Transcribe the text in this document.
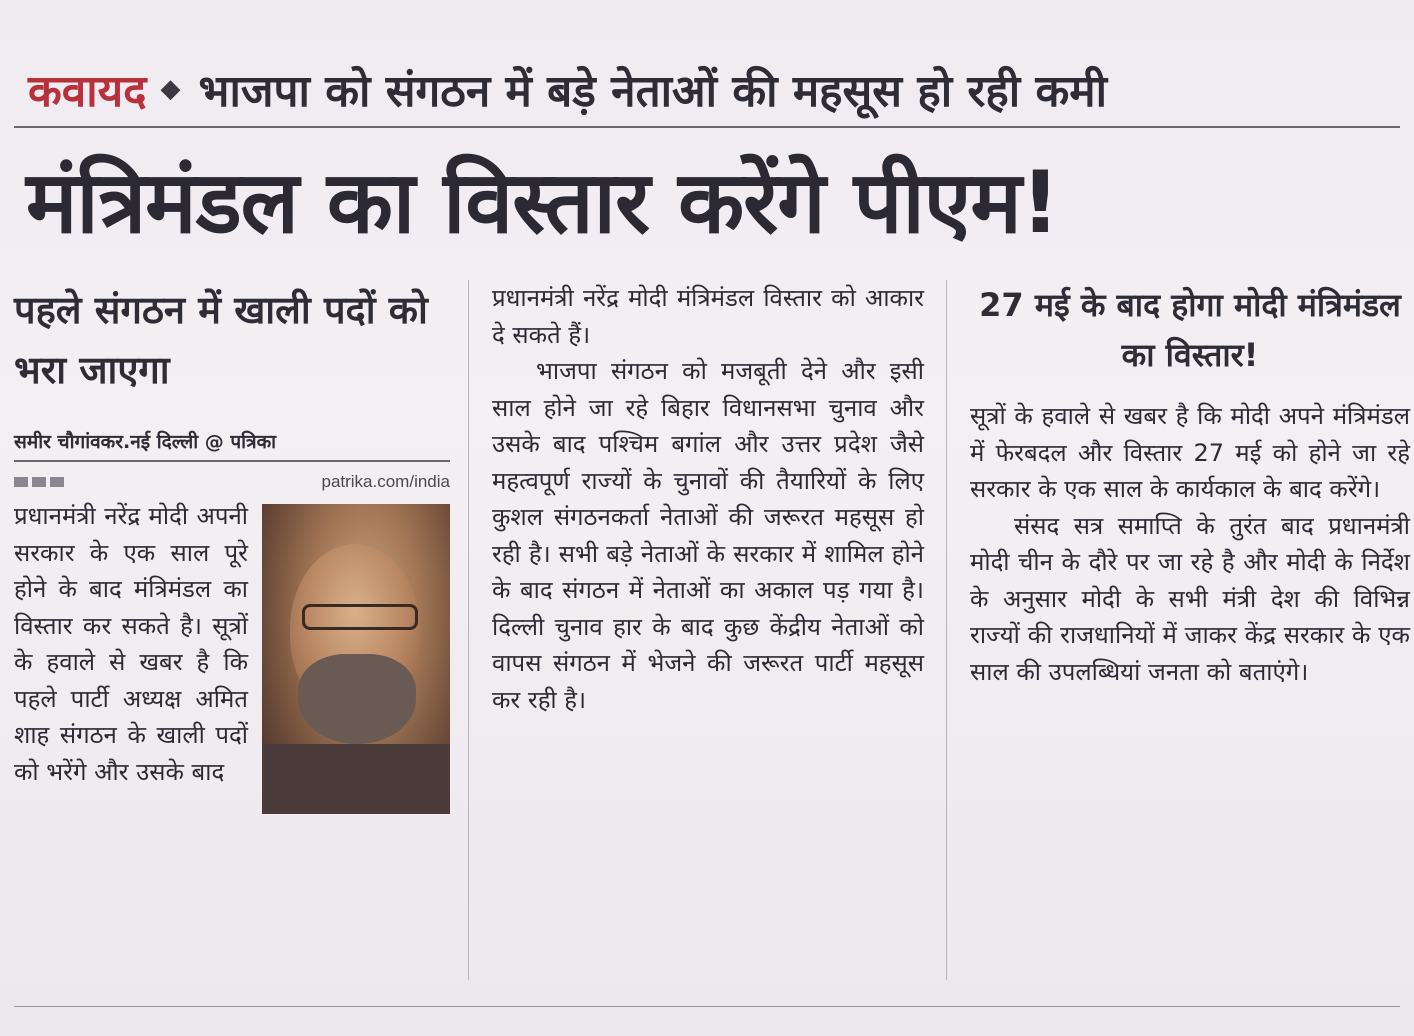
कवायद ◆ भाजपा को संगठन में बड़े नेताओं की महसूस हो रही कमी
मंत्रिमंडल का विस्तार करेंगे पीएम!
पहले संगठन में खाली पदों को भरा जाएगा
समीर चौगांवकर.नई दिल्ली @ पत्रिका
patrika.com/india
प्रधानमंत्री नरेंद्र मोदी अपनी सरकार के एक साल पूरे होने के बाद मंत्रिमंडल का विस्तार कर सकते है। सूत्रों के हवाले से खबर है कि पहले पार्टी अध्यक्ष अमित शाह संगठन के खाली पदों को भरेंगे और उसके बाद
प्रधानमंत्री नरेंद्र मोदी मंत्रिमंडल विस्तार को आकार दे सकते हैं।
भाजपा संगठन को मजबूती देने और इसी साल होने जा रहे बिहार विधानसभा चुनाव और उसके बाद पश्चिम बगांल और उत्तर प्रदेश जैसे महत्वपूर्ण राज्यों के चुनावों की तैयारियों के लिए कुशल संगठनकर्ता नेताओं की जरूरत महसूस हो रही है। सभी बड़े नेताओं के सरकार में शामिल होने के बाद संगठन में नेताओं का अकाल पड़ गया है। दिल्ली चुनाव हार के बाद कुछ केंद्रीय नेताओं को वापस संगठन में भेजने की जरूरत पार्टी महसूस कर रही है।
27 मई के बाद होगा मोदी मंत्रिमंडल का विस्तार!
सूत्रों के हवाले से खबर है कि मोदी अपने मंत्रिमंडल में फेरबदल और विस्तार 27 मई को होने जा रहे सरकार के एक साल के कार्यकाल के बाद करेंगे।
संसद सत्र समाप्ति के तुरंत बाद प्रधानमंत्री मोदी चीन के दौरे पर जा रहे है और मोदी के निर्देश के अनुसार मोदी के सभी मंत्री देश की विभिन्न राज्यों की राजधानियों में जाकर केंद्र सरकार के एक साल की उपलब्धियां जनता को बताएंगे।
